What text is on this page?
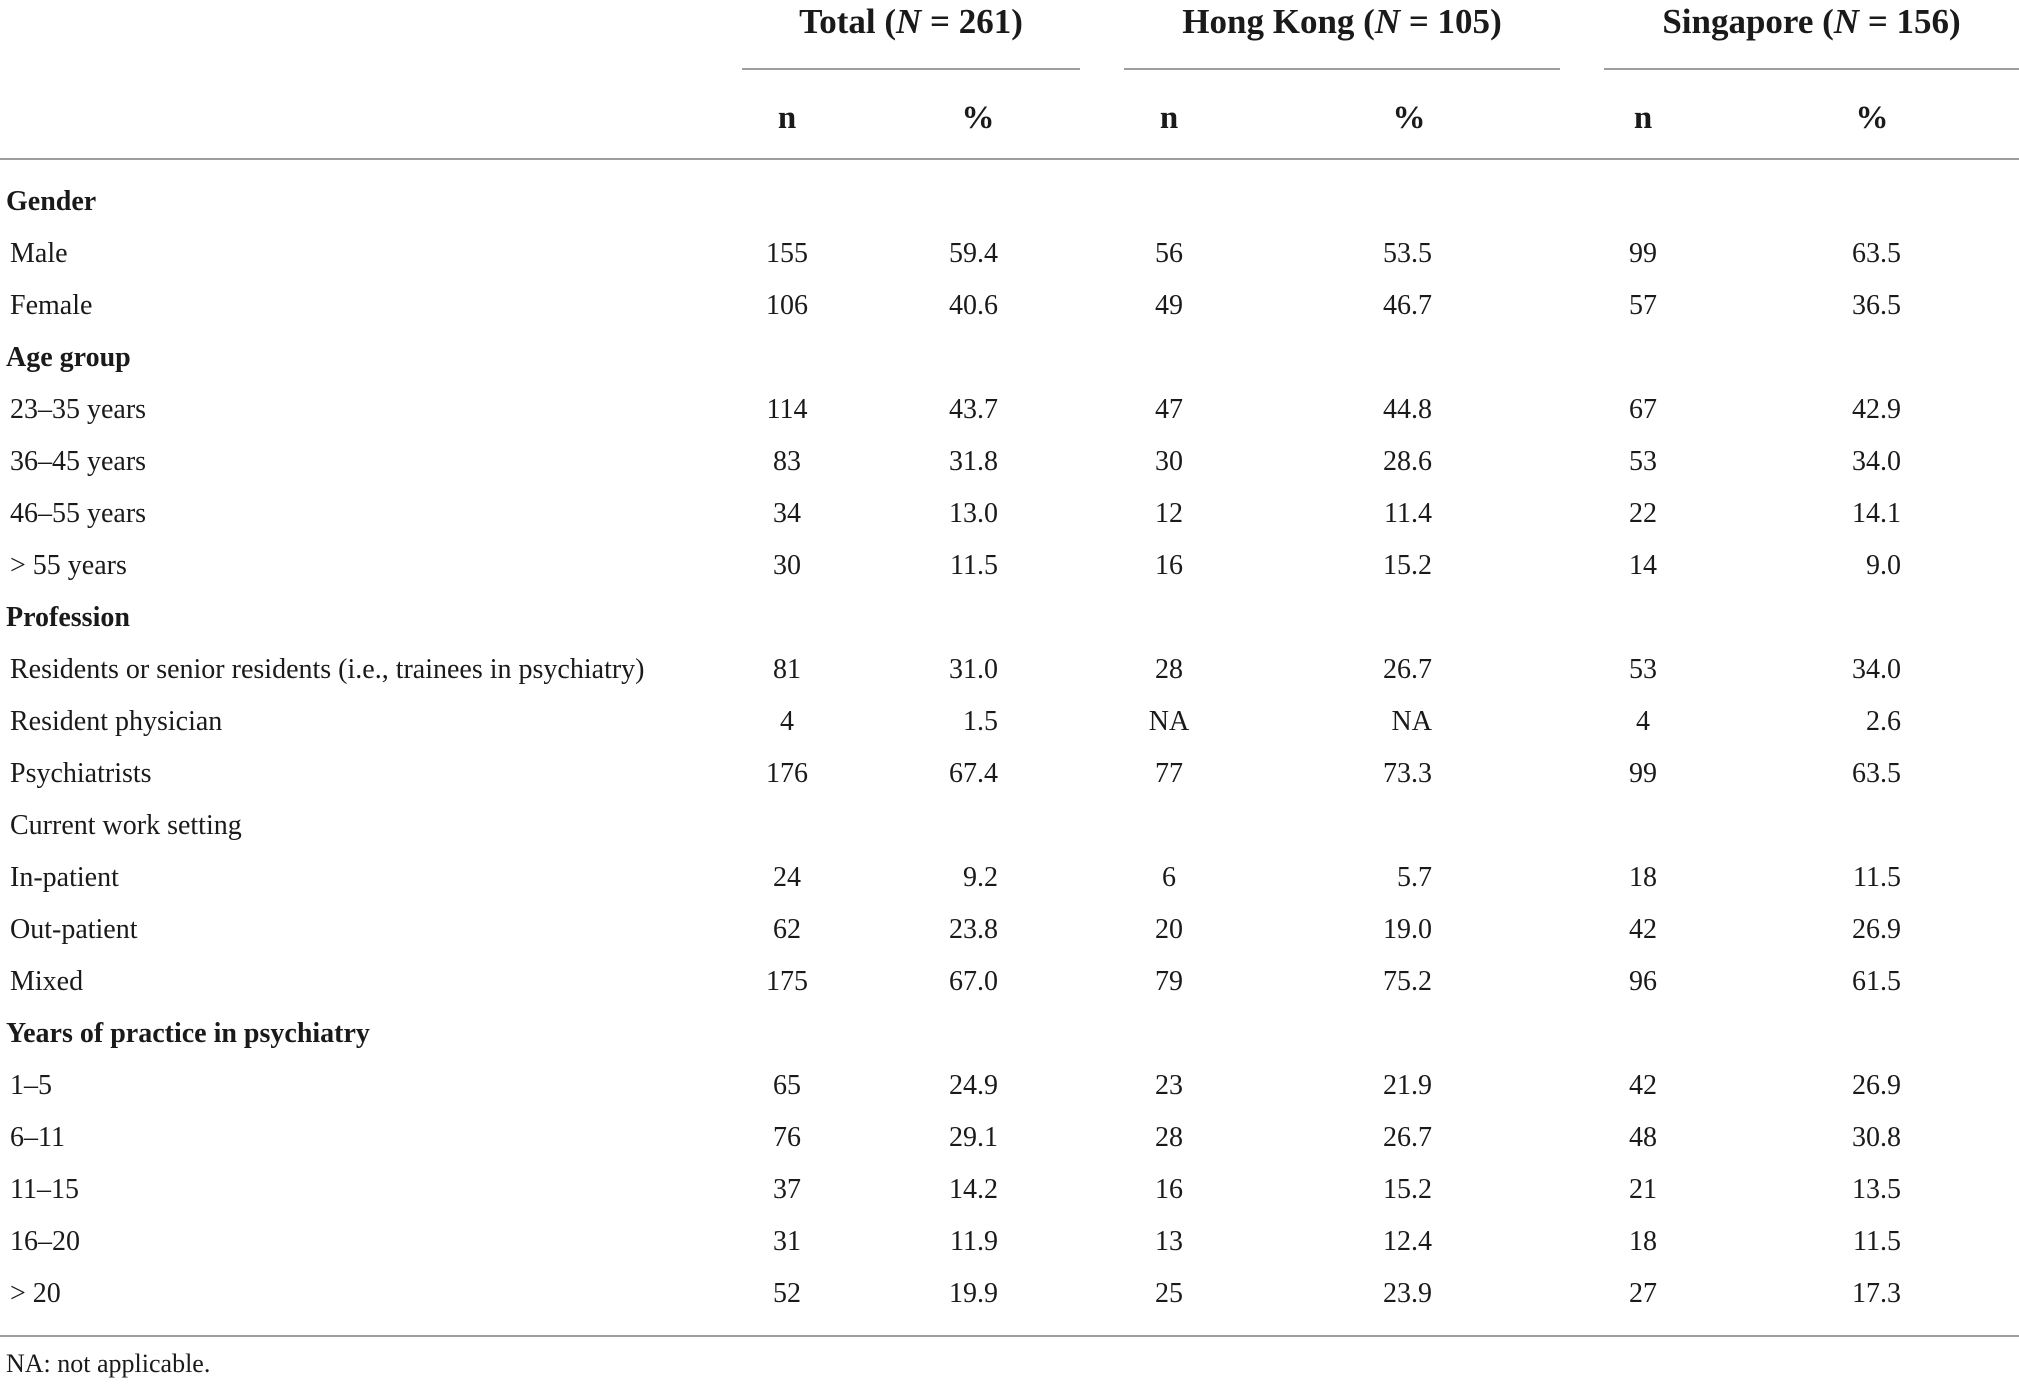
Total (N = 261)	Hong Kong (N = 105)	Singapore (N = 156)
n	%	n	%	n	%
Gender
Male	155	59.4	56	53.5	99	63.5
Female	106	40.6	49	46.7	57	36.5
Age group
23–35 years	114	43.7	47	44.8	67	42.9
36–45 years	83	31.8	30	28.6	53	34.0
46–55 years	34	13.0	12	11.4	22	14.1
> 55 years	30	11.5	16	15.2	14	9.0
Profession
Residents or senior residents (i.e., trainees in psychiatry)	81	31.0	28	26.7	53	34.0
Resident physician	4	1.5	NA	NA	4	2.6
Psychiatrists	176	67.4	77	73.3	99	63.5
Current work setting
In-patient	24	9.2	6	5.7	18	11.5
Out-patient	62	23.8	20	19.0	42	26.9
Mixed	175	67.0	79	75.2	96	61.5
Years of practice in psychiatry
1–5	65	24.9	23	21.9	42	26.9
6–11	76	29.1	28	26.7	48	30.8
11–15	37	14.2	16	15.2	21	13.5
16–20	31	11.9	13	12.4	18	11.5
> 20	52	19.9	25	23.9	27	17.3
NA: not applicable.
